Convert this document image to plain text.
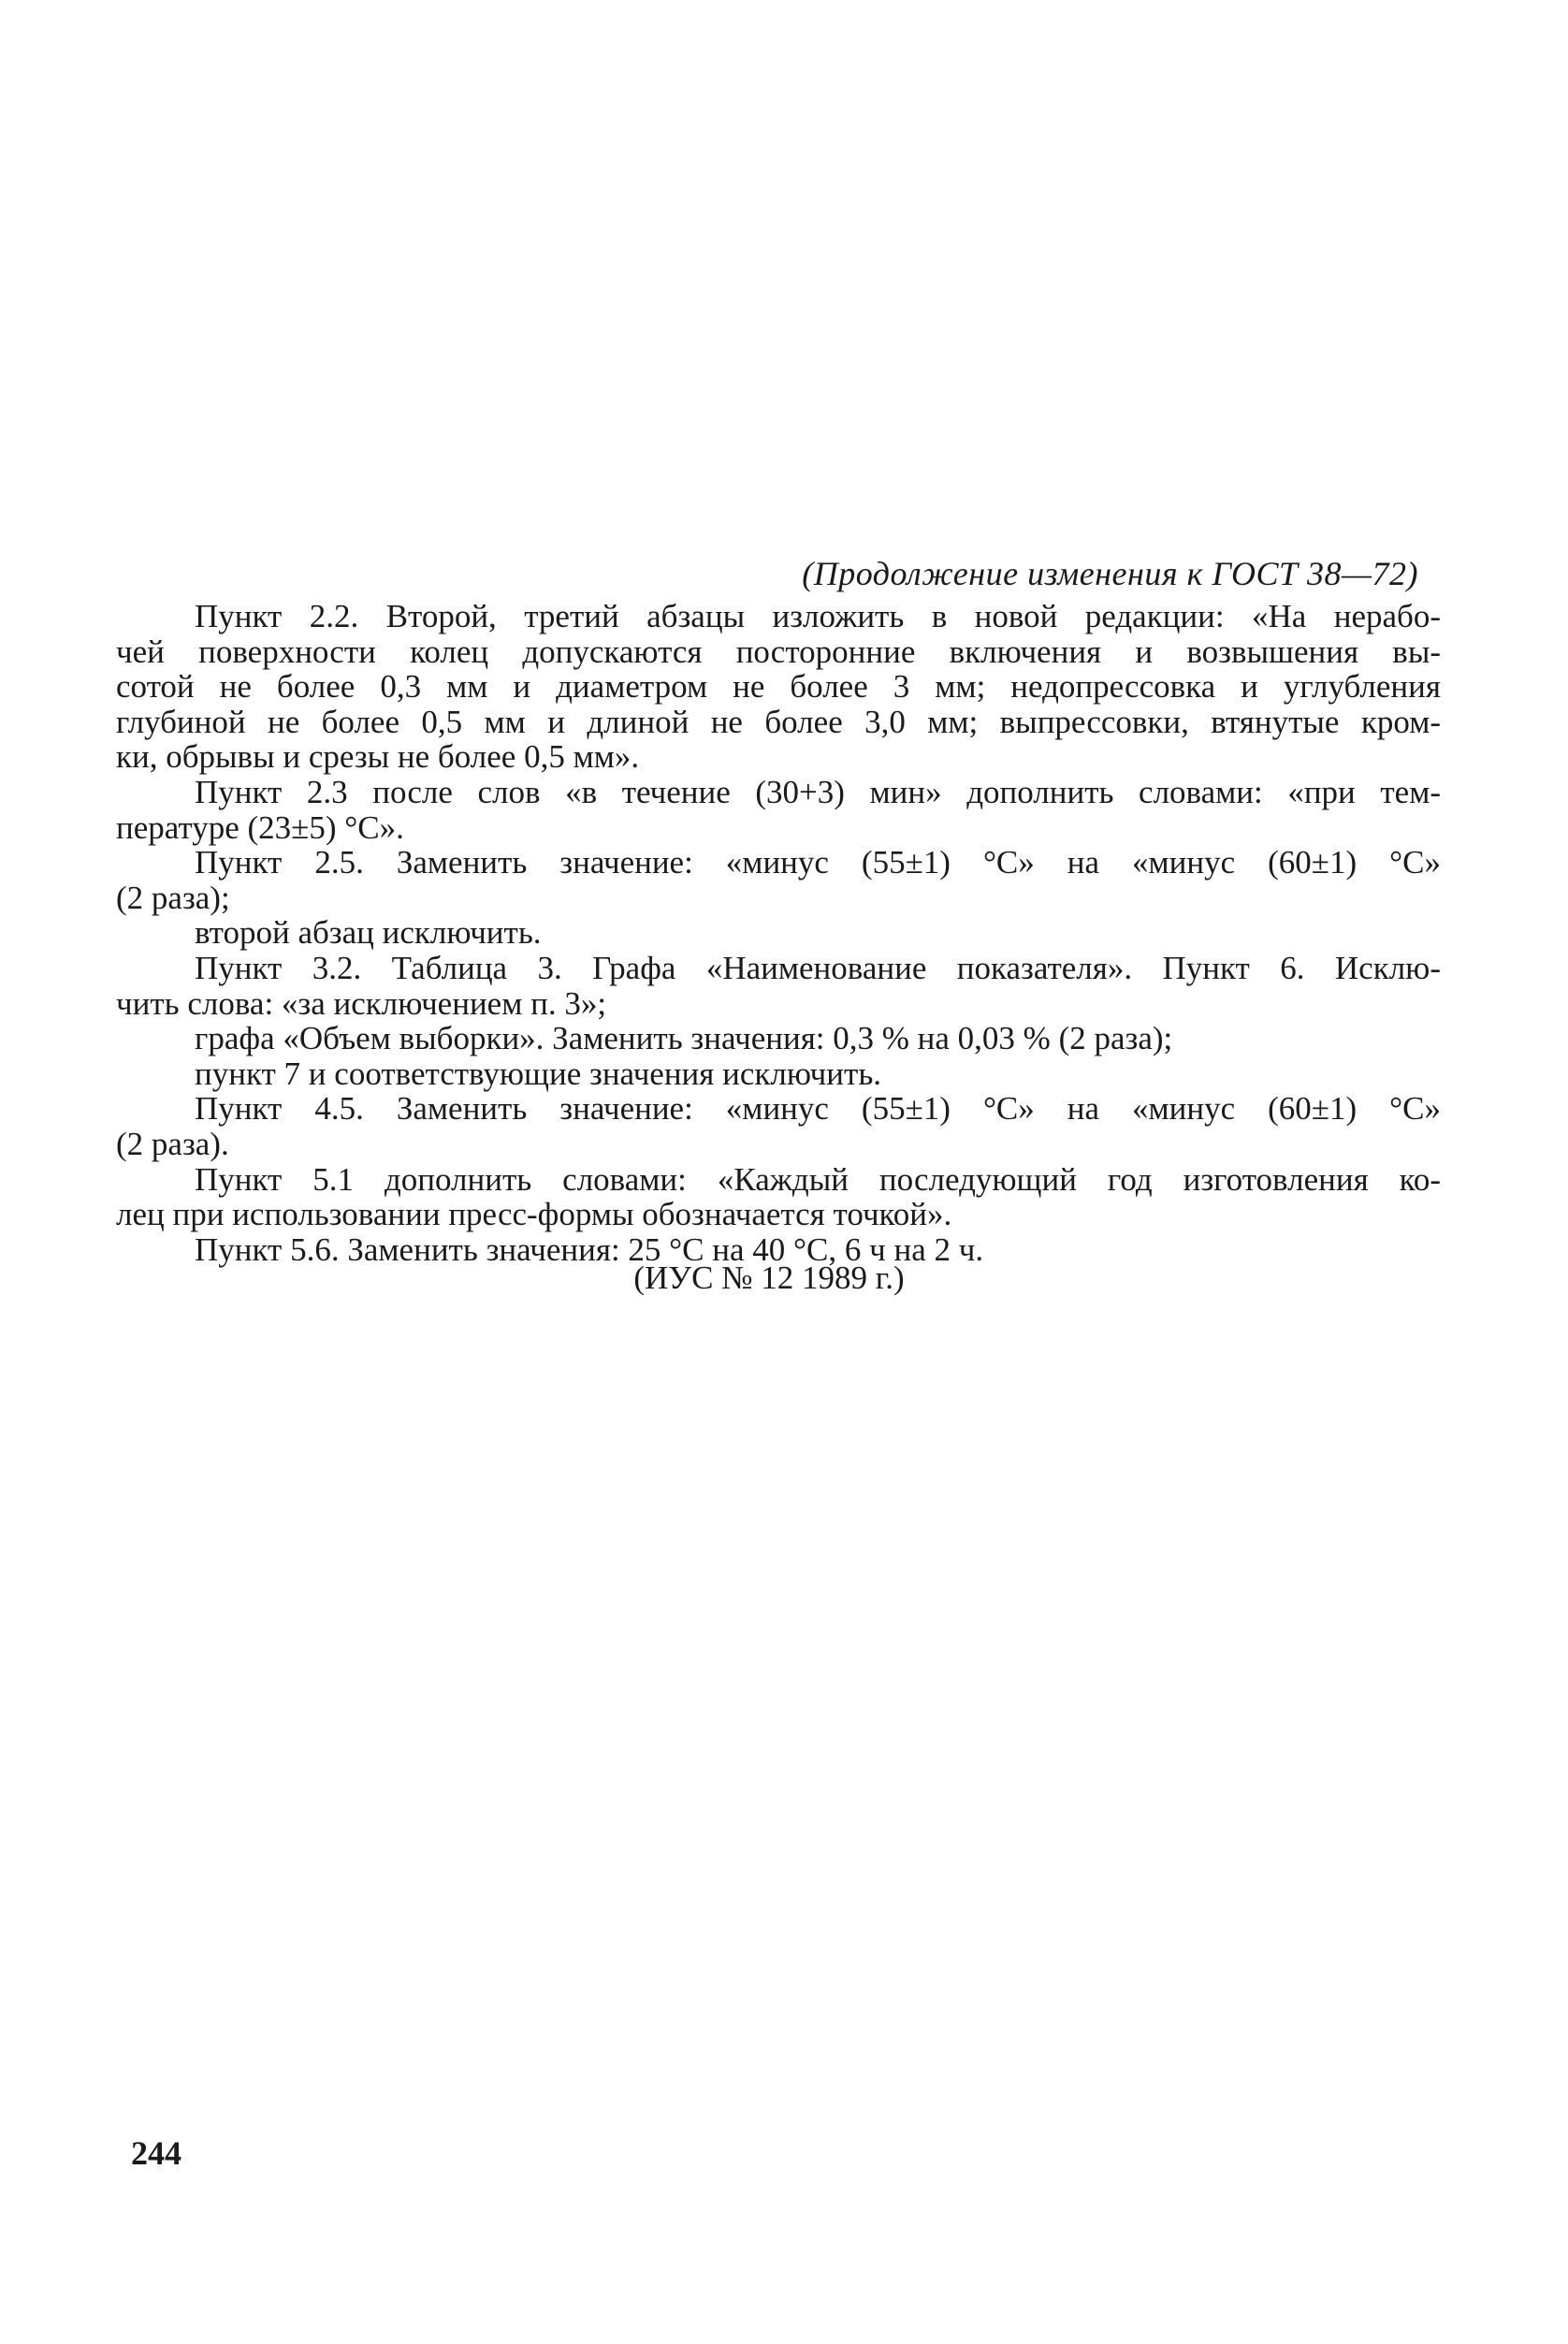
(Продолжение изменения к ГОСТ 38—72)
Пункт 2.2. Второй, третий абзацы изложить в новой редакции: «На нерабо-
чей поверхности колец допускаются посторонние включения и возвышения вы-
сотой не более 0,3 мм и диаметром не более 3 мм; недопрессовка и углубления
глубиной не более 0,5 мм и длиной не более 3,0 мм; выпрессовки, втянутые кром-
ки, обрывы и срезы не более 0,5 мм».
Пункт 2.3 после слов «в течение (30+3) мин» дополнить словами: «при тем-
пературе (23±5) °С».
Пункт 2.5. Заменить значение: «минус (55±1) °С» на «минус (60±1) °С»
(2 раза);
второй абзац исключить.
Пункт 3.2. Таблица 3. Графа «Наименование показателя». Пункт 6. Исклю-
чить слова: «за исключением п. 3»;
графа «Объем выборки». Заменить значения: 0,3 % на 0,03 % (2 раза);
пункт 7 и соответствующие значения исключить.
Пункт 4.5. Заменить значение: «минус (55±1) °С» на «минус (60±1) °С»
(2 раза).
Пункт 5.1 дополнить словами: «Каждый последующий год изготовления ко-
лец при использовании пресс-формы обозначается точкой».
Пункт 5.6. Заменить значения: 25 °С на 40 °С, 6 ч на 2 ч.
(ИУС № 12 1989 г.)
244
